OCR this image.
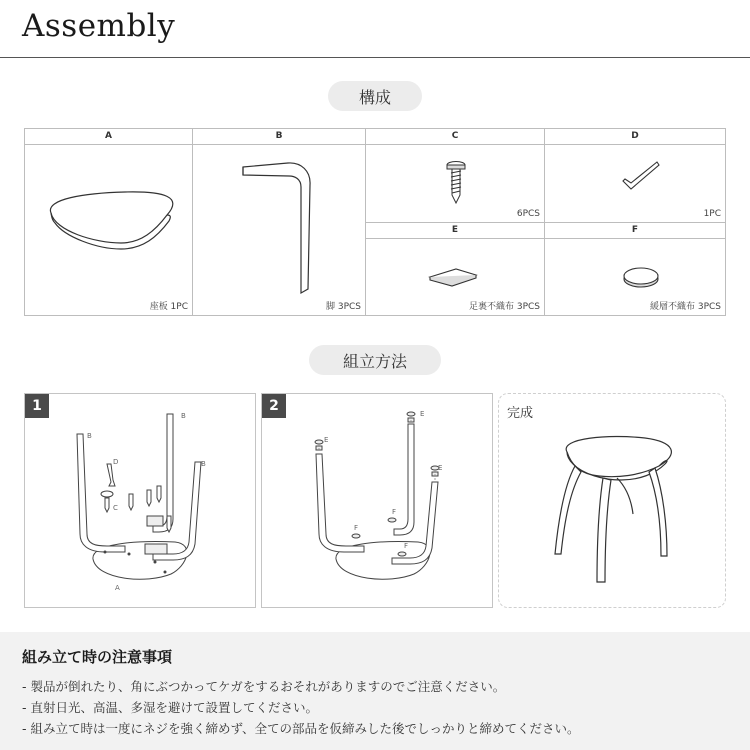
Assembly
構成
A
座板 1PC
B
脚 3PCS
C
6PCS
D
1PC
E
足裏不織布 3PCS
F
緩層不織布 3PCS
組立方法
1
B
B
B
D
C
A
2
E
E
E
F
F
F
完成
組み立て時の注意事項
- 製品が倒れたり、角にぶつかってケガをするおそれがありますのでご注意ください。
- 直射日光、高温、多湿を避けて設置してください。
- 組み立て時は一度にネジを強く締めず、全ての部品を仮締みした後でしっかりと締めてください。
